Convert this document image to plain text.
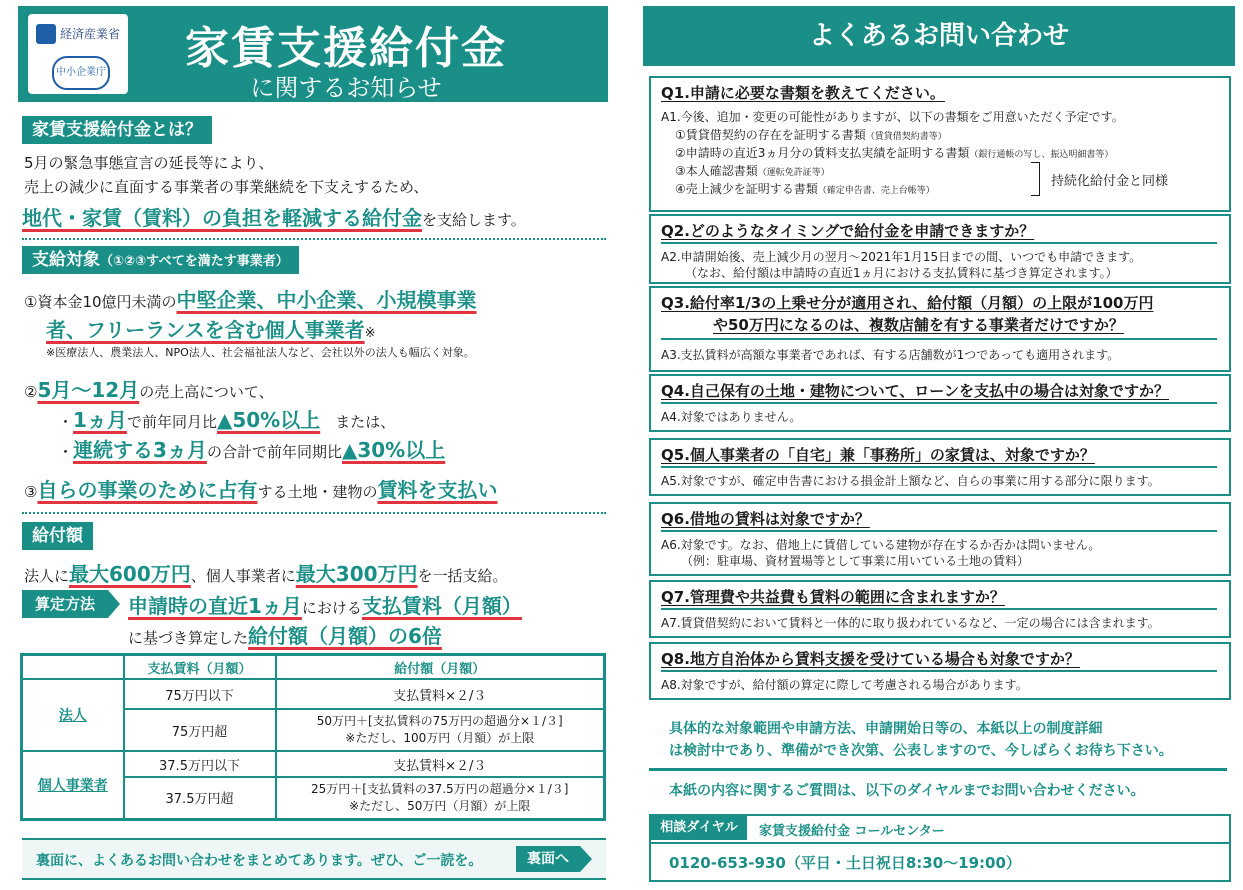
経済産業省
中小企業庁	家賃支援給付金
に関するお知らせ
家賃支援給付金とは？
5月の緊急事態宣言の延長等により、
売上の減少に直面する事業者の事業継続を下支えするため、
地代・家賃（賃料）の負担を軽減する給付金を支給します。
支給対象（①②③すべてを満たす事業者）
①資本金10億円未満の中堅企業、中小企業、小規模事業
者、フリーランスを含む個人事業者※
※医療法人、農業法人、NPO法人、社会福祉法人など、会社以外の法人も幅広く対象。
②5月～12月の売上高について、
・1ヵ月で前年同月比▲50%以上　または、
・連続する3ヵ月の合計で前年同期比▲30%以上
③自らの事業のために占有する土地・建物の賃料を支払い
給付額
法人に最大600万円、個人事業者に最大300万円を一括支給。
算定方法	申請時の直近1ヵ月における支払賃料（月額）
に基づき算定した給付額（月額）の6倍
	支払賃料（月額）	給付額（月額）
法人	75万円以下	支払賃料×２/３
	75万円超	50万円＋[支払賃料の75万円の超過分×１/３]
※ただし、100万円（月額）が上限

個人事業者	37.5万円以下	支払賃料×２/３
	37.5万円超	25万円＋[支払賃料の37.5万円の超過分×１/３]
※ただし、50万円（月額）が上限
裏面に、よくあるお問い合わせをまとめてあります。ぜひ、ご一読を。	裏面へ
よくあるお問い合わせ
Q1.申請に必要な書類を教えてください。
A1.今後、追加・変更の可能性がありますが、以下の書類をご用意いただく予定です。
①賃貸借契約の存在を証明する書類（賃貸借契約書等）
②申請時の直近3ヵ月分の賃料支払実績を証明する書類（銀行通帳の写し、振込明細書等）
③本人確認書類（運転免許証等）
④売上減少を証明する書類（確定申告書、売上台帳等）
持続化給付金と同様
Q2.どのようなタイミングで給付金を申請できますか？
A2.申請開始後、売上減少月の翌月～2021年1月15日までの間、いつでも申請できます。
（なお、給付額は申請時の直近1ヵ月における支払賃料に基づき算定されます。）
Q3.給付率1/3の上乗せ分が適用され、給付額（月額）の上限が100万円
や50万円になるのは、複数店舗を有する事業者だけですか？
A3.支払賃料が高額な事業者であれば、有する店舗数が1つであっても適用されます。
Q4.自己保有の土地・建物について、ローンを支払中の場合は対象ですか？
A4.対象ではありません。
Q5.個人事業者の「自宅」兼「事務所」の家賃は、対象ですか？
A5.対象ですが、確定申告書における損金計上額など、自らの事業に用する部分に限ります。
Q6.借地の賃料は対象ですか？
A6.対象です。なお、借地上に賃借している建物が存在するか否かは問いません。
（例：駐車場、資材置場等として事業に用いている土地の賃料）
Q7.管理費や共益費も賃料の範囲に含まれますか？
A7.賃貸借契約において賃料と一体的に取り扱われているなど、一定の場合には含まれます。
Q8.地方自治体から賃料支援を受けている場合も対象ですか？
A8.対象ですが、給付額の算定に際して考慮される場合があります。
具体的な対象範囲や申請方法、申請開始日等の、本紙以上の制度詳細
は検討中であり、準備ができ次第、公表しますので、今しばらくお待ち下さい。
本紙の内容に関するご質問は、以下のダイヤルまでお問い合わせください。
相談ダイヤル	家賃支援給付金 コールセンター
0120-653-930（平日・土日祝日8:30～19:00）
